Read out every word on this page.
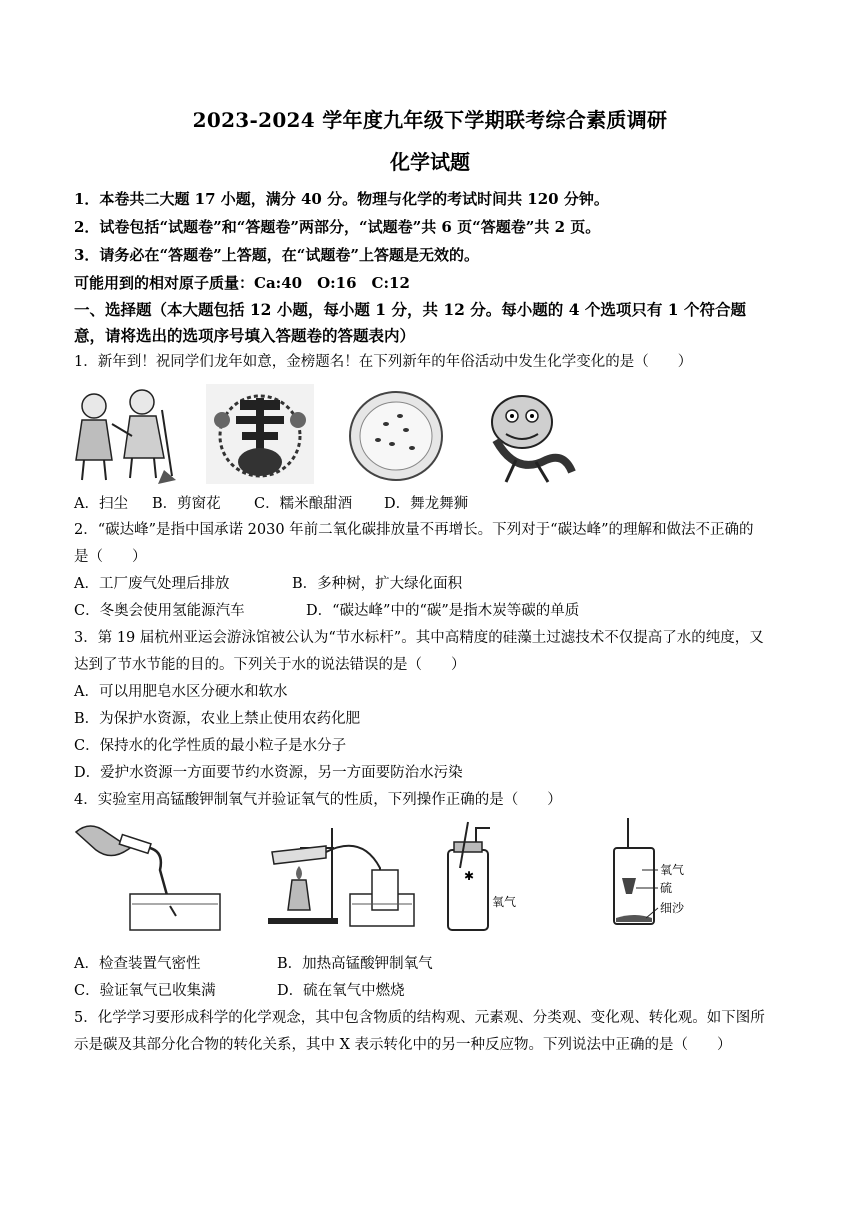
2023-2024 学年度九年级下学期联考综合素质调研
化学试题
1．本卷共二大题 17 小题，满分 40 分。物理与化学的考试时间共 120 分钟。
2．试卷包括“试题卷”和“答题卷”两部分，“试题卷”共 6 页“答题卷”共 2 页。
3．请务必在“答题卷”上答题，在“试题卷”上答题是无效的。
可能用到的相对原子质量：Ca:40　O:16　C:12
一、选择题（本大题包括 12 小题，每小题 1 分，共 12 分。每小题的 4 个选项只有 1 个符合题
意，请将选出的选项序号填入答题卷的答题表内）
1．新年到！祝同学们龙年如意，金榜题名！在下列新年的年俗活动中发生化学变化的是（　　）
A．扫尘 B．剪窗花 C．糯米酿甜酒 D．舞龙舞狮
2．“碳达峰”是指中国承诺 2030 年前二氧化碳排放量不再增长。下列对于“碳达峰”的理解和做法不正确的
是（　　）
A．工厂废气处理后排放	B．多种树，扩大绿化面积
C．冬奥会使用氢能源汽车	D．“碳达峰”中的“碳”是指木炭等碳的单质
3．第 19 届杭州亚运会游泳馆被公认为“节水标杆”。其中高精度的硅藻土过滤技术不仅提高了水的纯度，又
达到了节水节能的目的。下列关于水的说法错误的是（　　）
A．可以用肥皂水区分硬水和软水
B．为保护水资源，农业上禁止使用农药化肥
C．保持水的化学性质的最小粒子是水分子
D．爱护水资源一方面要节约水资源，另一方面要防治水污染
4．实验室用高锰酸钾制氧气并验证氧气的性质，下列操作正确的是（　　）
✱
氧气
氧气
硫
细沙
A．检查装置气密性	B．加热高锰酸钾制氧气
C．验证氧气已收集满	D．硫在氧气中燃烧
5．化学学习要形成科学的化学观念，其中包含物质的结构观、元素观、分类观、变化观、转化观。如下图所
示是碳及其部分化合物的转化关系，其中 X 表示转化中的另一种反应物。下列说法中正确的是（　　）
